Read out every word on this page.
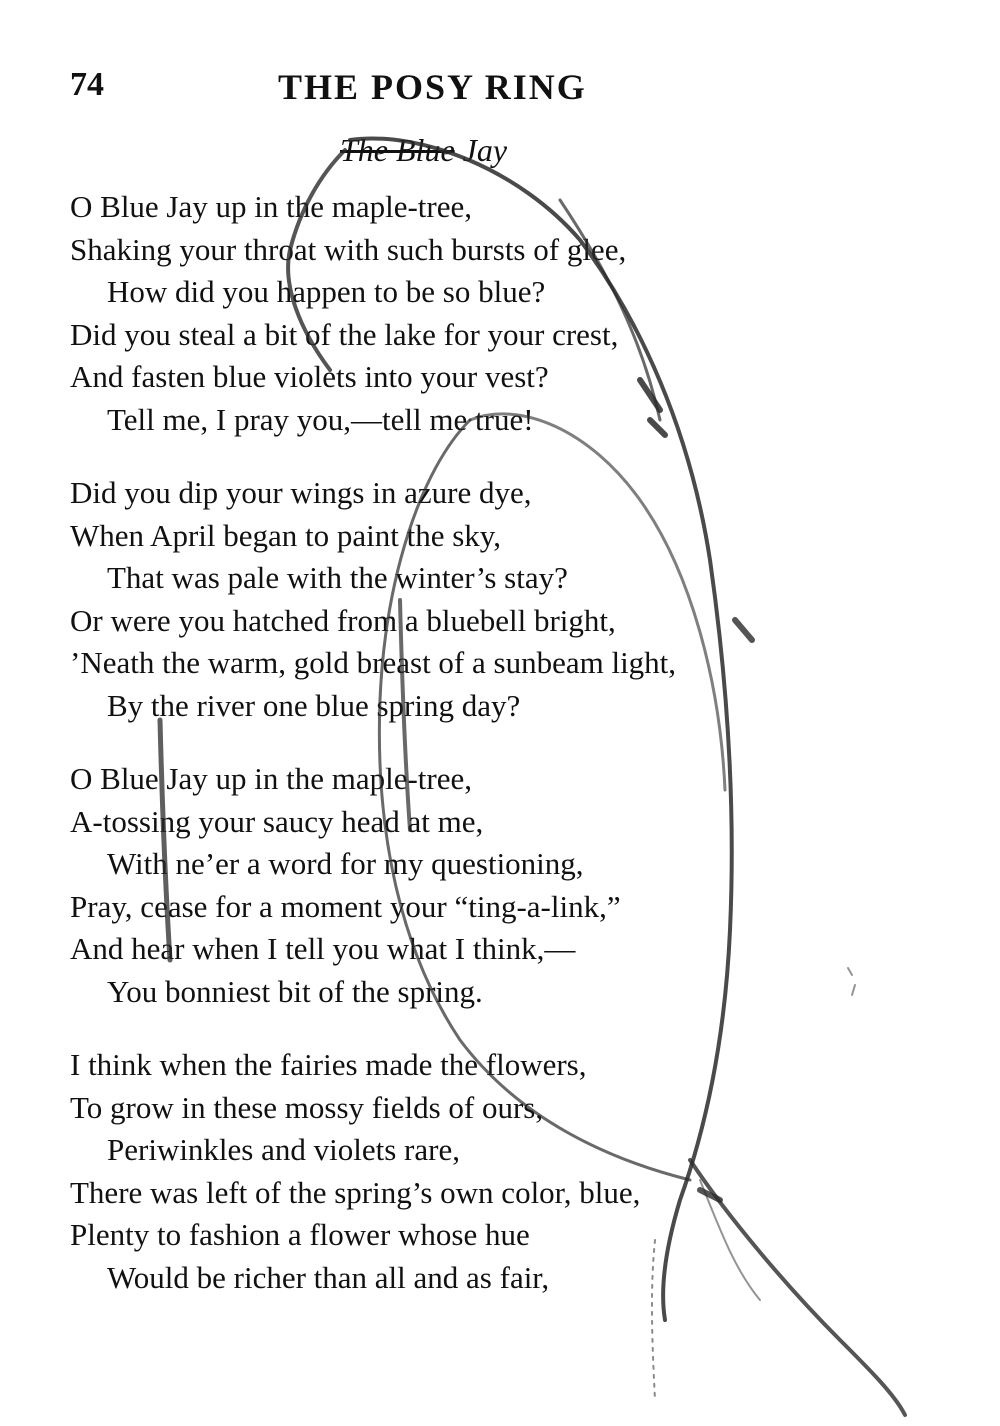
74	THE POSY RING
The Blue Jay
O Blue Jay up in the maple-tree,
Shaking your throat with such bursts of glee,
How did you happen to be so blue?
Did you steal a bit of the lake for your crest,
And fasten blue violets into your vest?
Tell me, I pray you,—tell me true!
Did you dip your wings in azure dye,
When April began to paint the sky,
That was pale with the winter’s stay?
Or were you hatched from a bluebell bright,
’Neath the warm, gold breast of a sunbeam light,
By the river one blue spring day?
O Blue Jay up in the maple-tree,
A-tossing your saucy head at me,
With ne’er a word for my questioning,
Pray, cease for a moment your “ting-a-link,”
And hear when I tell you what I think,—
You bonniest bit of the spring.
I think when the fairies made the flowers,
To grow in these mossy fields of ours,
Periwinkles and violets rare,
There was left of the spring’s own color, blue,
Plenty to fashion a flower whose hue
Would be richer than all and as fair,
